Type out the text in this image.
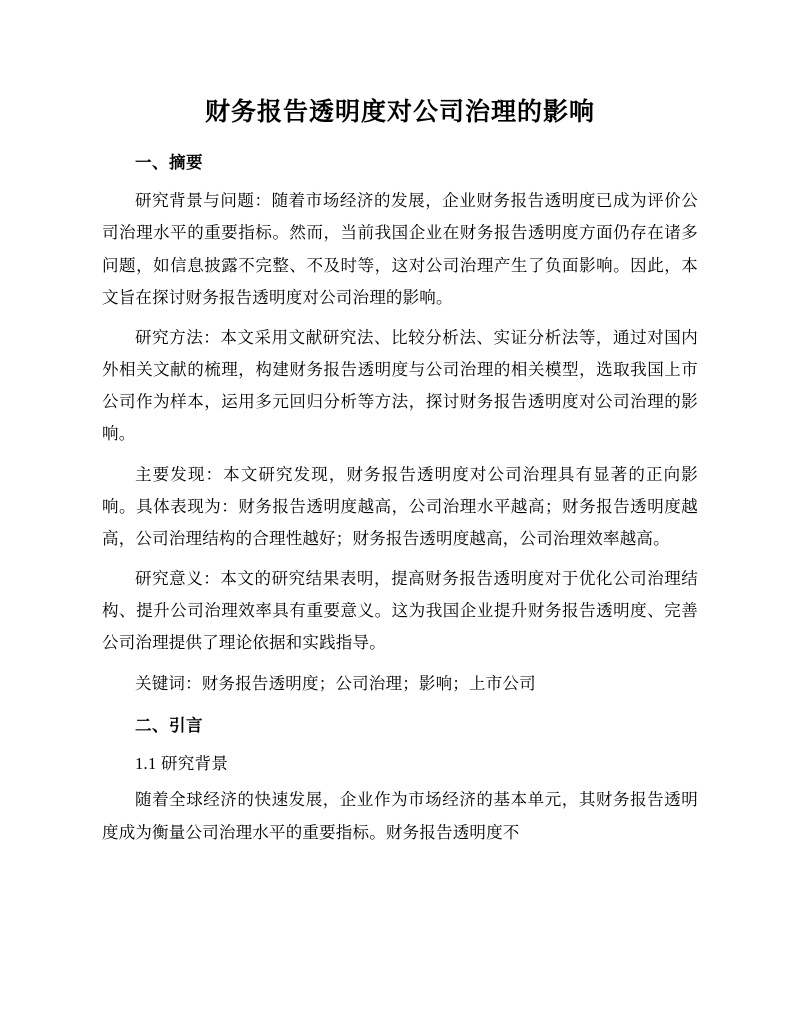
财务报告透明度对公司治理的影响
一、摘要

研究背景与问题：随着市场经济的发展，企业财务报告透明度已成为评价公司治理水平的重要指标。然而，当前我国企业在财务报告透明度方面仍存在诸多问题，如信息披露不完整、不及时等，这对公司治理产生了负面影响。因此，本文旨在探讨财务报告透明度对公司治理的影响。

研究方法：本文采用文献研究法、比较分析法、实证分析法等，通过对国内外相关文献的梳理，构建财务报告透明度与公司治理的相关模型，选取我国上市公司作为样本，运用多元回归分析等方法，探讨财务报告透明度对公司治理的影响。

主要发现：本文研究发现，财务报告透明度对公司治理具有显著的正向影响。具体表现为：财务报告透明度越高，公司治理水平越高；财务报告透明度越高，公司治理结构的合理性越好；财务报告透明度越高，公司治理效率越高。

研究意义：本文的研究结果表明，提高财务报告透明度对于优化公司治理结构、提升公司治理效率具有重要意义。这为我国企业提升财务报告透明度、完善公司治理提供了理论依据和实践指导。

关键词：财务报告透明度；公司治理；影响；上市公司

二、引言
1.1 研究背景

随着全球经济的快速发展，企业作为市场经济的基本单元，其财务报告透明度成为衡量公司治理水平的重要指标。财务报告透明度不
